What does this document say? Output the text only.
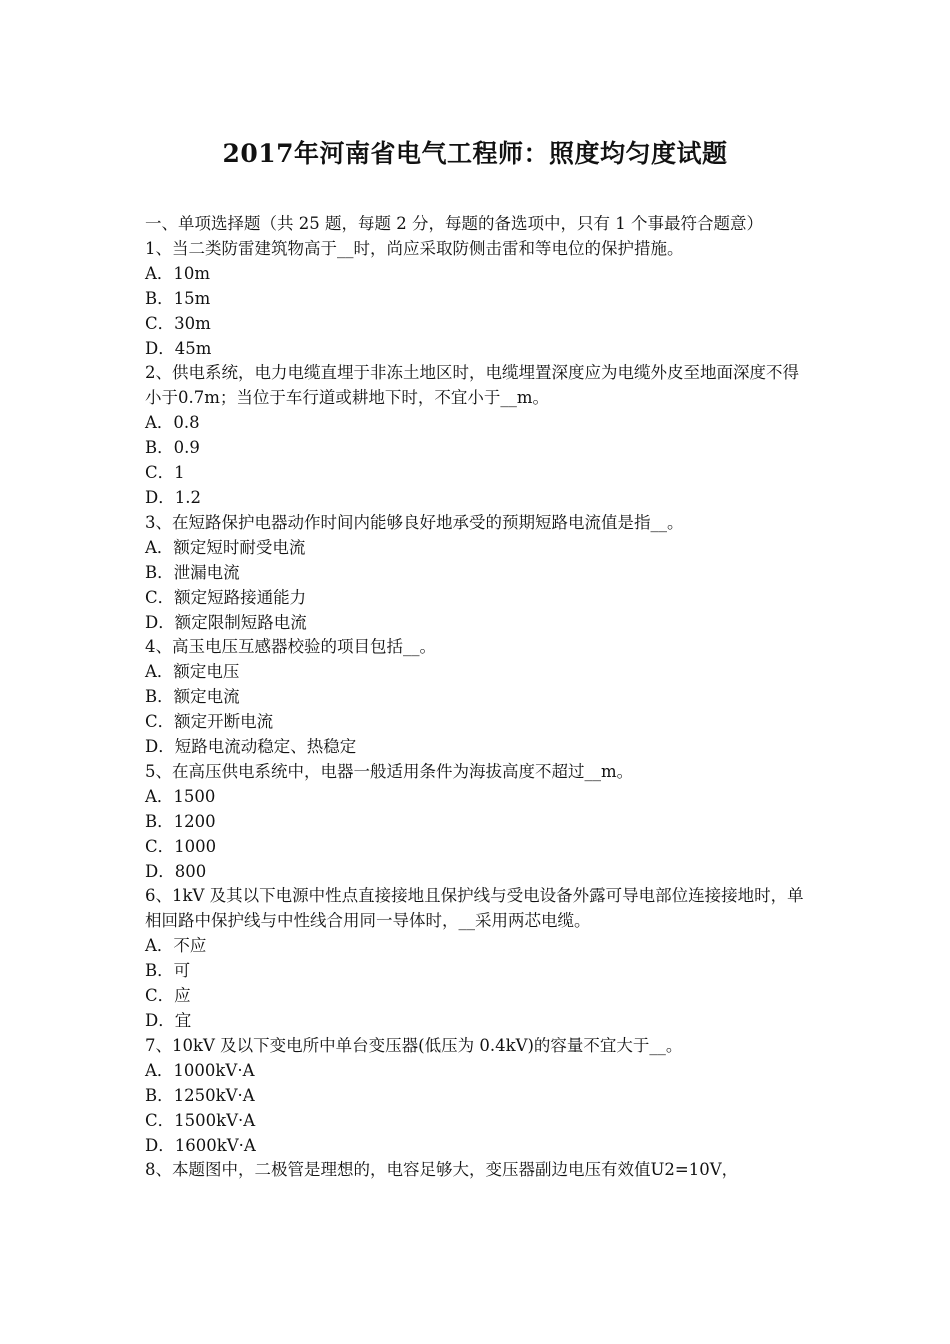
2017年河南省电气工程师：照度均匀度试题
一、单项选择题（共 25 题，每题 2 分，每题的备选项中，只有 1 个事最符合题意）
1、当二类防雷建筑物高于__时，尚应采取防侧击雷和等电位的保护措施。
A．10m
B．15m
C．30m
D．45m
2、供电系统，电力电缆直埋于非冻土地区时，电缆埋置深度应为电缆外皮至地面深度不得小于0.7m；当位于车行道或耕地下时，不宜小于__m。
A．0.8
B．0.9
C．1
D．1.2
3、在短路保护电器动作时间内能够良好地承受的预期短路电流值是指__。
A．额定短时耐受电流
B．泄漏电流
C．额定短路接通能力
D．额定限制短路电流
4、高玉电压互感器校验的项目包括__。
A．额定电压
B．额定电流
C．额定开断电流
D．短路电流动稳定、热稳定
5、在高压供电系统中，电器一般适用条件为海拔高度不超过__m。
A．1500
B．1200
C．1000
D．800
6、1kV 及其以下电源中性点直接接地且保护线与受电设备外露可导电部位连接接地时，单相回路中保护线与中性线合用同一导体时，__采用两芯电缆。
A．不应
B．可
C．应
D．宜
7、10kV 及以下变电所中单台变压器(低压为 0.4kV)的容量不宜大于__。
A．1000kV·A
B．1250kV·A
C．1500kV·A
D．1600kV·A
8、本题图中，二极管是理想的，电容足够大，变压器副边电压有效值U2=10V，
